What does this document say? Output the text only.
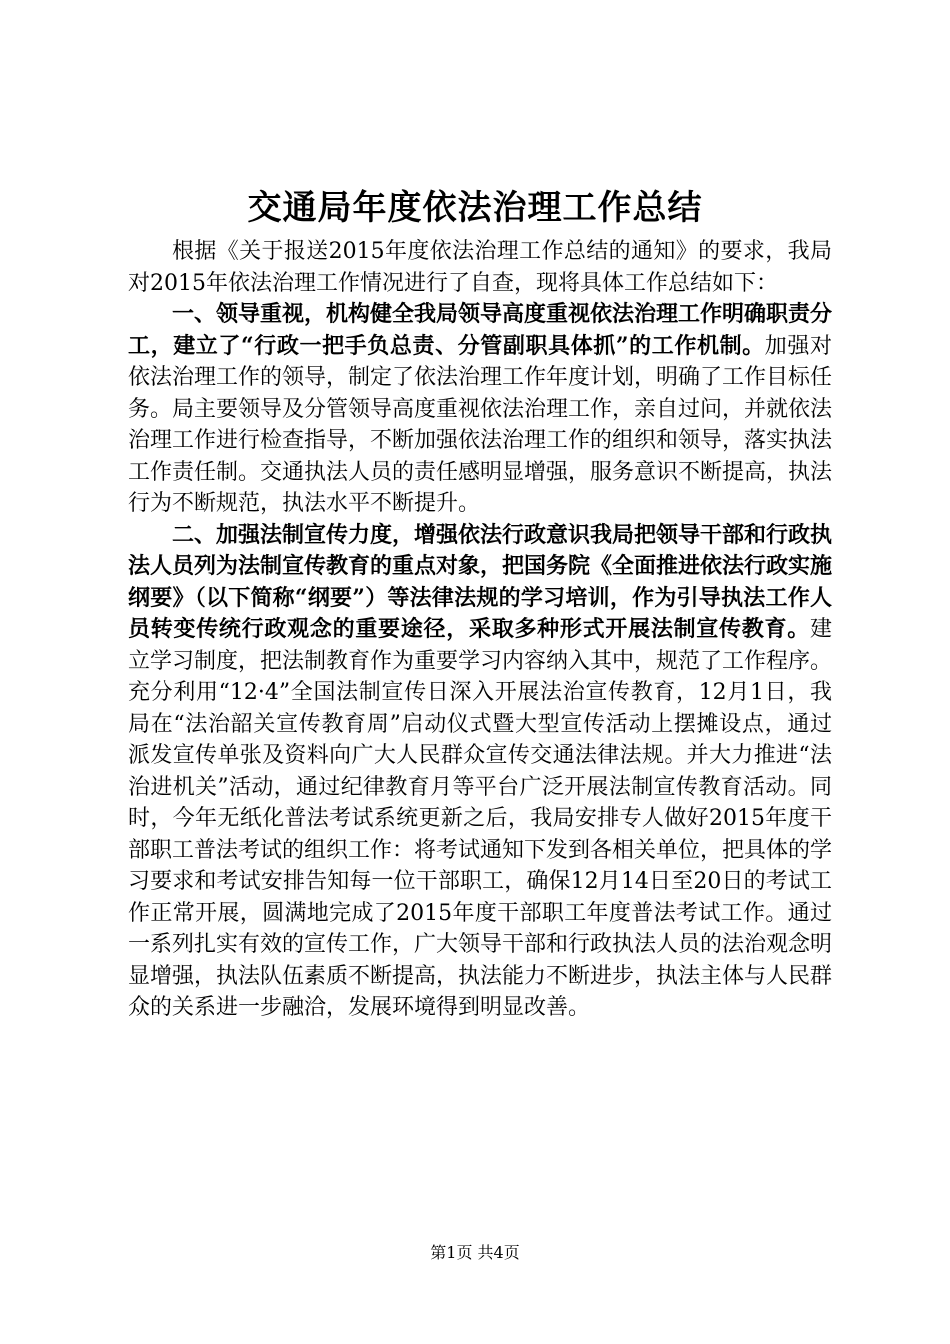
交通局年度依法治理工作总结

根据《关于报送2015年度依法治理工作总结的通知》的要求，我局对2015年依法治理工作情况进行了自查，现将具体工作总结如下：

一、领导重视，机构健全我局领导高度重视依法治理工作明确职责分工，建立了“行政一把手负总责、分管副职具体抓”的工作机制。加强对依法治理工作的领导，制定了依法治理工作年度计划，明确了工作目标任务。局主要领导及分管领导高度重视依法治理工作，亲自过问，并就依法治理工作进行检查指导，不断加强依法治理工作的组织和领导，落实执法工作责任制。交通执法人员的责任感明显增强，服务意识不断提高，执法行为不断规范，执法水平不断提升。

二、加强法制宣传力度，增强依法行政意识我局把领导干部和行政执法人员列为法制宣传教育的重点对象，把国务院《全面推进依法行政实施纲要》（以下简称“纲要”）等法律法规的学习培训，作为引导执法工作人员转变传统行政观念的重要途径，采取多种形式开展法制宣传教育。建立学习制度，把法制教育作为重要学习内容纳入其中，规范了工作程序。充分利用“12·4”全国法制宣传日深入开展法治宣传教育，12月1日，我局在“法治韶关宣传教育周”启动仪式暨大型宣传活动上摆摊设点，通过派发宣传单张及资料向广大人民群众宣传交通法律法规。并大力推进“法治进机关”活动，通过纪律教育月等平台广泛开展法制宣传教育活动。同时，今年无纸化普法考试系统更新之后，我局安排专人做好2015年度干部职工普法考试的组织工作：将考试通知下发到各相关单位，把具体的学习要求和考试安排告知每一位干部职工，确保12月14日至20日的考试工作正常开展，圆满地完成了2015年度干部职工年度普法考试工作。通过一系列扎实有效的宣传工作，广大领导干部和行政执法人员的法治观念明显增强，执法队伍素质不断提高，执法能力不断进步，执法主体与人民群众的关系进一步融洽，发展环境得到明显改善。

第1页 共4页
